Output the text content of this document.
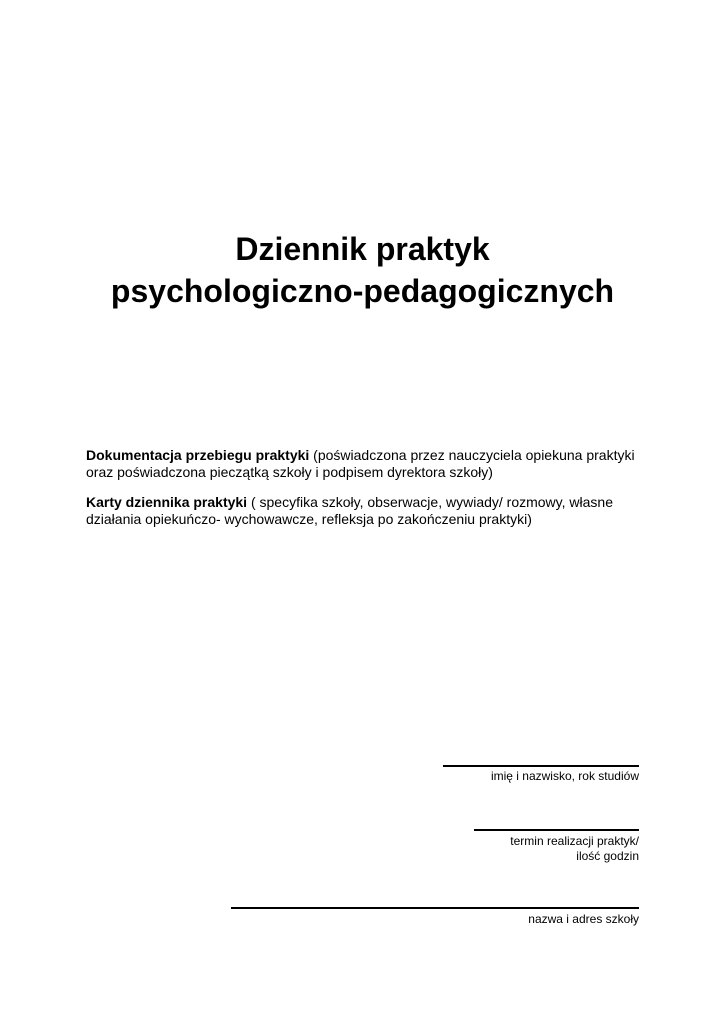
Dziennik praktyk
psychologiczno-pedagogicznych

Dokumentacja przebiegu praktyki (poświadczona przez nauczyciela opiekuna praktyki
oraz poświadczona pieczątką szkoły i podpisem dyrektora szkoły)

Karty dziennika praktyki ( specyfika szkoły, obserwacje, wywiady/ rozmowy, własne
działania opiekuńczo- wychowawcze, refleksja po zakończeniu praktyki)

imię i nazwisko, rok studiów

termin realizacji praktyk/
ilość godzin

nazwa i adres szkoły
